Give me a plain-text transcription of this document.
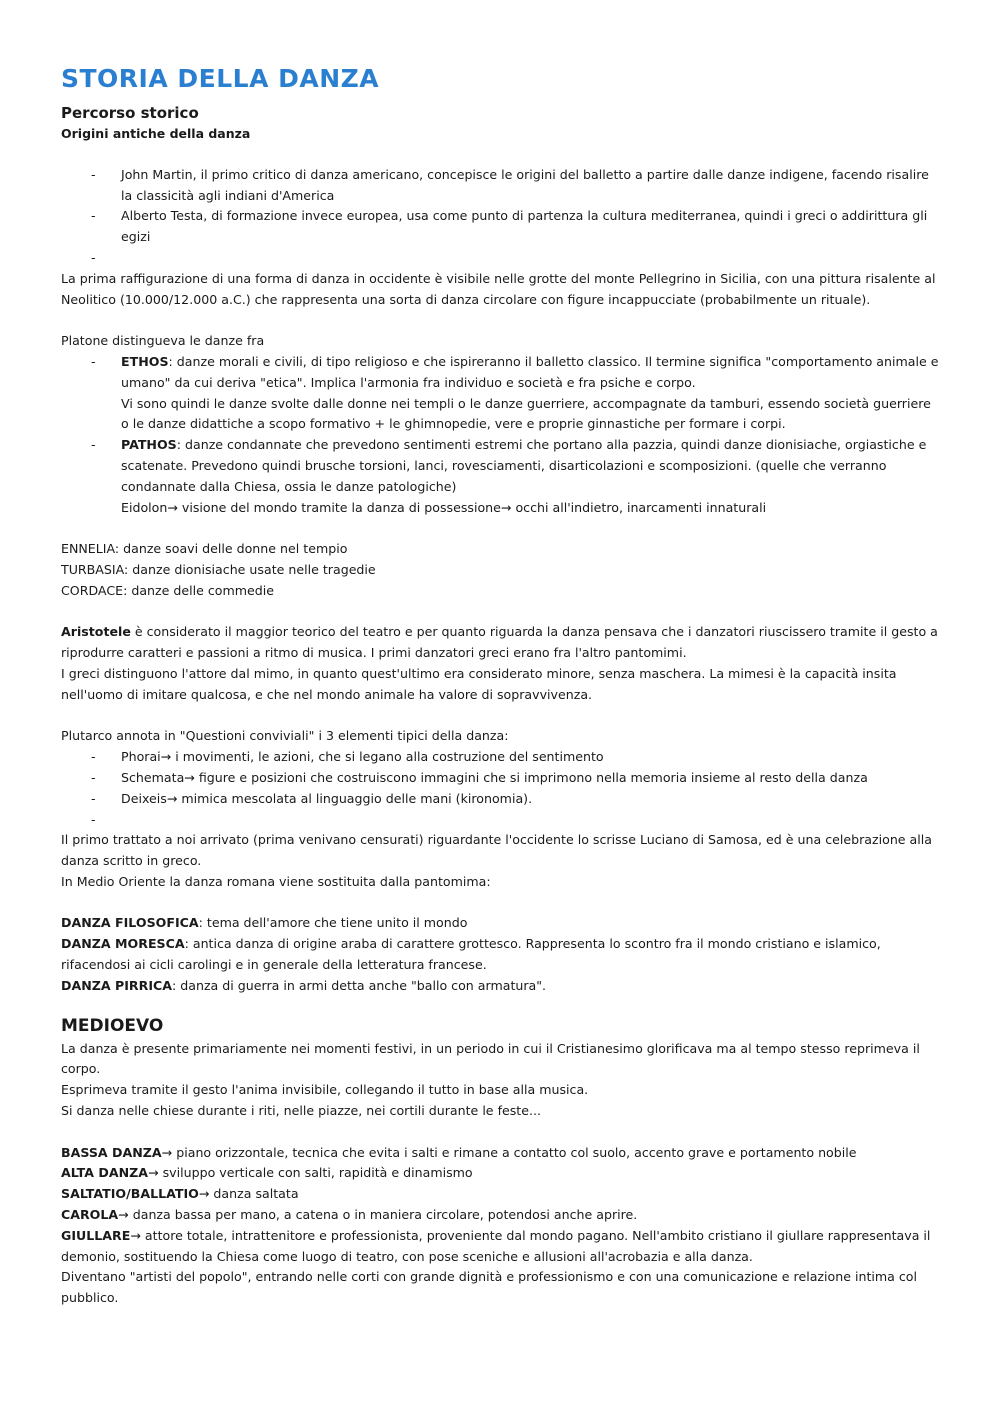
STORIA DELLA DANZA
Percorso storico
Origini antiche della danza
- John Martin, il primo critico di danza americano, concepisce le origini del balletto a partire dalle danze indigene, facendo risalire la classicità agli indiani d'America
- Alberto Testa, di formazione invece europea, usa come punto di partenza la cultura mediterranea, quindi i greci o addirittura gli egizi
-

La prima raffigurazione di una forma di danza in occidente è visibile nelle grotte del monte Pellegrino in Sicilia, con una pittura risalente al Neolitico (10.000/12.000 a.C.) che rappresenta una sorta di danza circolare con figure incappucciate (probabilmente un rituale).

Platone distingueva le danze fra

- ETHOS: danze morali e civili, di tipo religioso e che ispireranno il balletto classico. Il termine significa "comportamento animale e umano" da cui deriva "etica". Implica l'armonia fra individuo e società e fra psiche e corpo.
Vi sono quindi le danze svolte dalle donne nei templi o le danze guerriere, accompagnate da tamburi, essendo società guerriere o le danze didattiche a scopo formativo + le ghimnopedie, vere e proprie ginnastiche per formare i corpi.
- PATHOS: danze condannate che prevedono sentimenti estremi che portano alla pazzia, quindi danze dionisiache, orgiastiche e scatenate. Prevedono quindi brusche torsioni, lanci, rovesciamenti, disarticolazioni e scomposizioni. (quelle che verranno condannate dalla Chiesa, ossia le danze patologiche)
Eidolon→ visione del mondo tramite la danza di possessione→ occhi all'indietro, inarcamenti innaturali
ENNELIA: danze soavi delle donne nel tempio
TURBASIA: danze dionisiache usate nelle tragedie
CORDACE: danze delle commedie

Aristotele è considerato il maggior teorico del teatro e per quanto riguarda la danza pensava che i danzatori riuscissero tramite il gesto a riprodurre caratteri e passioni a ritmo di musica. I primi danzatori greci erano fra l'altro pantomimi.

I greci distinguono l'attore dal mimo, in quanto quest'ultimo era considerato minore, senza maschera. La mimesi è la capacità insita nell'uomo di imitare qualcosa, e che nel mondo animale ha valore di sopravvivenza.

Plutarco annota in "Questioni conviviali" i 3 elementi tipici della danza:

- Phorai→ i movimenti, le azioni, che si legano alla costruzione del sentimento
- Schemata→ figure e posizioni che costruiscono immagini che si imprimono nella memoria insieme al resto della danza
- Deixeis→ mimica mescolata al linguaggio delle mani (kironomia).
-

Il primo trattato a noi arrivato (prima venivano censurati) riguardante l'occidente lo scrisse Luciano di Samosa, ed è una celebrazione alla danza scritto in greco.

In Medio Oriente la danza romana viene sostituita dalla pantomima:

DANZA FILOSOFICA: tema dell'amore che tiene unito il mondo

DANZA MORESCA: antica danza di origine araba di carattere grottesco. Rappresenta lo scontro fra il mondo cristiano e islamico, rifacendosi ai cicli carolingi e in generale della letteratura francese.

DANZA PIRRICA: danza di guerra in armi detta anche "ballo con armatura".

MEDIOEVO

La danza è presente primariamente nei momenti festivi, in un periodo in cui il Cristianesimo glorificava ma al tempo stesso reprimeva il corpo.

Esprimeva tramite il gesto l'anima invisibile, collegando il tutto in base alla musica.

Si danza nelle chiese durante i riti, nelle piazze, nei cortili durante le feste...

BASSA DANZA→ piano orizzontale, tecnica che evita i salti e rimane a contatto col suolo, accento grave e portamento nobile

ALTA DANZA→ sviluppo verticale con salti, rapidità e dinamismo

SALTATIO/BALLATIO→ danza saltata

CAROLA→ danza bassa per mano, a catena o in maniera circolare, potendosi anche aprire.

GIULLARE→ attore totale, intrattenitore e professionista, proveniente dal mondo pagano. Nell'ambito cristiano il giullare rappresentava il demonio, sostituendo la Chiesa come luogo di teatro, con pose sceniche e allusioni all'acrobazia e alla danza.

Diventano "artisti del popolo", entrando nelle corti con grande dignità e professionismo e con una comunicazione e relazione intima col pubblico.
